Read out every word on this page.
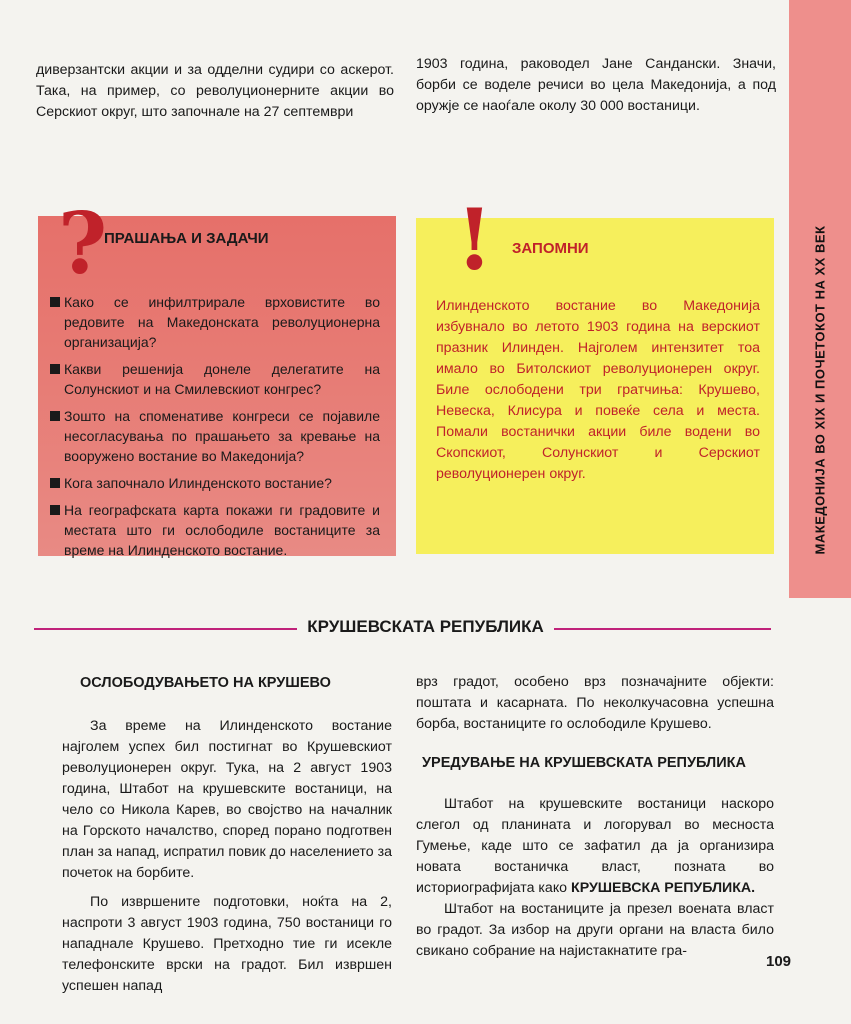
МАКЕДОНИЈА ВО XIX И ПОЧЕТОКОТ НА XX ВЕК

диверзантски акции и за одделни судири со аскерот. Така, на пример, со револуционерните акции во Серскиот округ, што започнале на 27 септември

1903 година, раководел Јане Сандански. Значи, борби се воделе речиси во цела Македонија, а под оружје се наоѓале околу 30 000 востаници.

?
ПРАШАЊА И ЗАДАЧИ
Како се инфилтрирале врховистите во редовите на Македонската револуционерна организација?
Какви решенија донеле делегатите на Солунскиот и на Смилевскиот конгрес?
Зошто на споменативе конгреси се појавиле несогласувања по прашањето за кревање на вооружено востание во Македонија?
Кога започнало Илинденското востание?
На географската карта покажи ги градовите и местата што ги ослободиле востаниците за време на Илинденското востание.
! ЗАПОМНИ
Илинденското востание во Македонија избувнало во летото 1903 година на верскиот празник Илинден. Најголем интензитет тоа имало во Битолскиот револуционерен округ. Биле ослободени три гратчиња: Крушево, Невеска, Клисура и повеќе села и места. Помали востанички акции биле водени во Скопскиот, Солунскиот и Серскиот револуционерен округ.
КРУШЕВСКАТА РЕПУБЛИКА

ОСЛОБОДУВАЊЕТО НА КРУШЕВО

За време на Илинденското востание најголем успех бил постигнат во Крушевскиот револуционерен округ. Тука, на 2 август 1903 година, Штабот на крушевските востаници, на чело со Никола Карев, во својство на началник на Горското началство, според порано подготвен план за напад, испратил повик до населението за почеток на борбите.

По извршените подготовки, ноќта на 2, наспроти 3 август 1903 година, 750 востаници го нападнале Крушево. Претходно тие ги исекле телефонските врски на градот. Бил извршен успешен напад

врз градот, особено врз позначајните објекти: поштата и касарната. По неколкучасовна успешна борба, востаниците го ослободиле Крушево.

УРЕДУВАЊЕ НА КРУШЕВСКАТА РЕПУБЛИКА

Штабот на крушевските востаници наскоро слегол од планината и логорувал во месноста Гумење, каде што се зафатил да ја организира новата востаничка власт, позната во историографијата како КРУШЕВСКА РЕПУБЛИКА.

Штабот на востаниците ја презел воената власт во градот. За избор на други органи на власта било свикано собрание на најистакнатите гра-

109
